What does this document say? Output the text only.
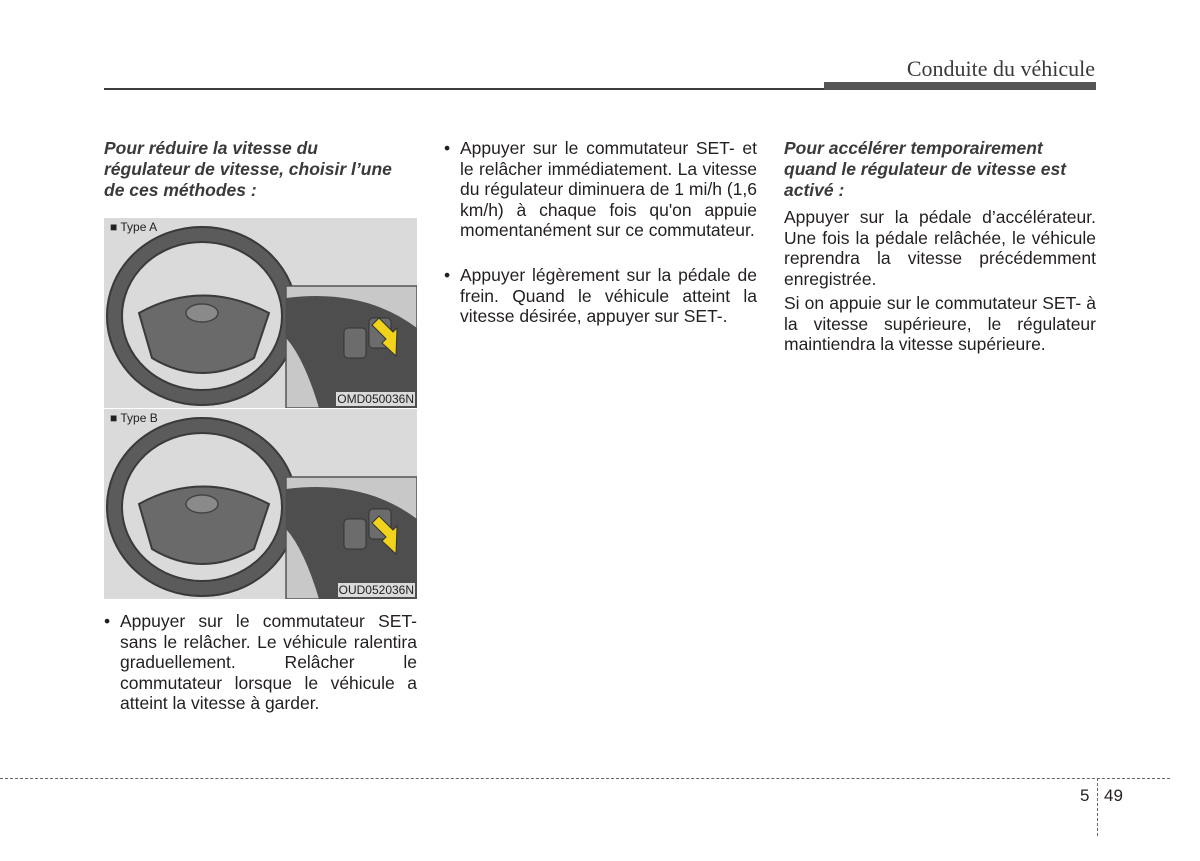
Conduite du véhicule
Pour réduire la vitesse du régulateur de vitesse, choisir l’une de ces méthodes :
■ Type A
OMD050036N
■ Type B
OUD052036N
• Appuyer sur le commutateur SET- sans le relâcher. Le véhicule ralentira graduellement. Relâcher le commutateur lorsque le véhicule a atteint la vitesse à garder.
• Appuyer sur le commutateur SET- et le relâcher immédiatement. La vitesse du régulateur diminuera de 1 mi/h (1,6 km/h) à chaque fois qu'on appuie momentanément sur ce commutateur.
• Appuyer légèrement sur la pédale de frein. Quand le véhicule atteint la vitesse désirée, appuyer sur SET-.
Pour accélérer temporairement quand le régulateur de vitesse est activé :
Appuyer sur la pédale d’accélérateur. Une fois la pédale relâchée, le véhicule reprendra la vitesse précédemment enregistrée.
Si on appuie sur le commutateur SET- à la vitesse supérieure, le régulateur maintiendra la vitesse supérieure.
5 49
